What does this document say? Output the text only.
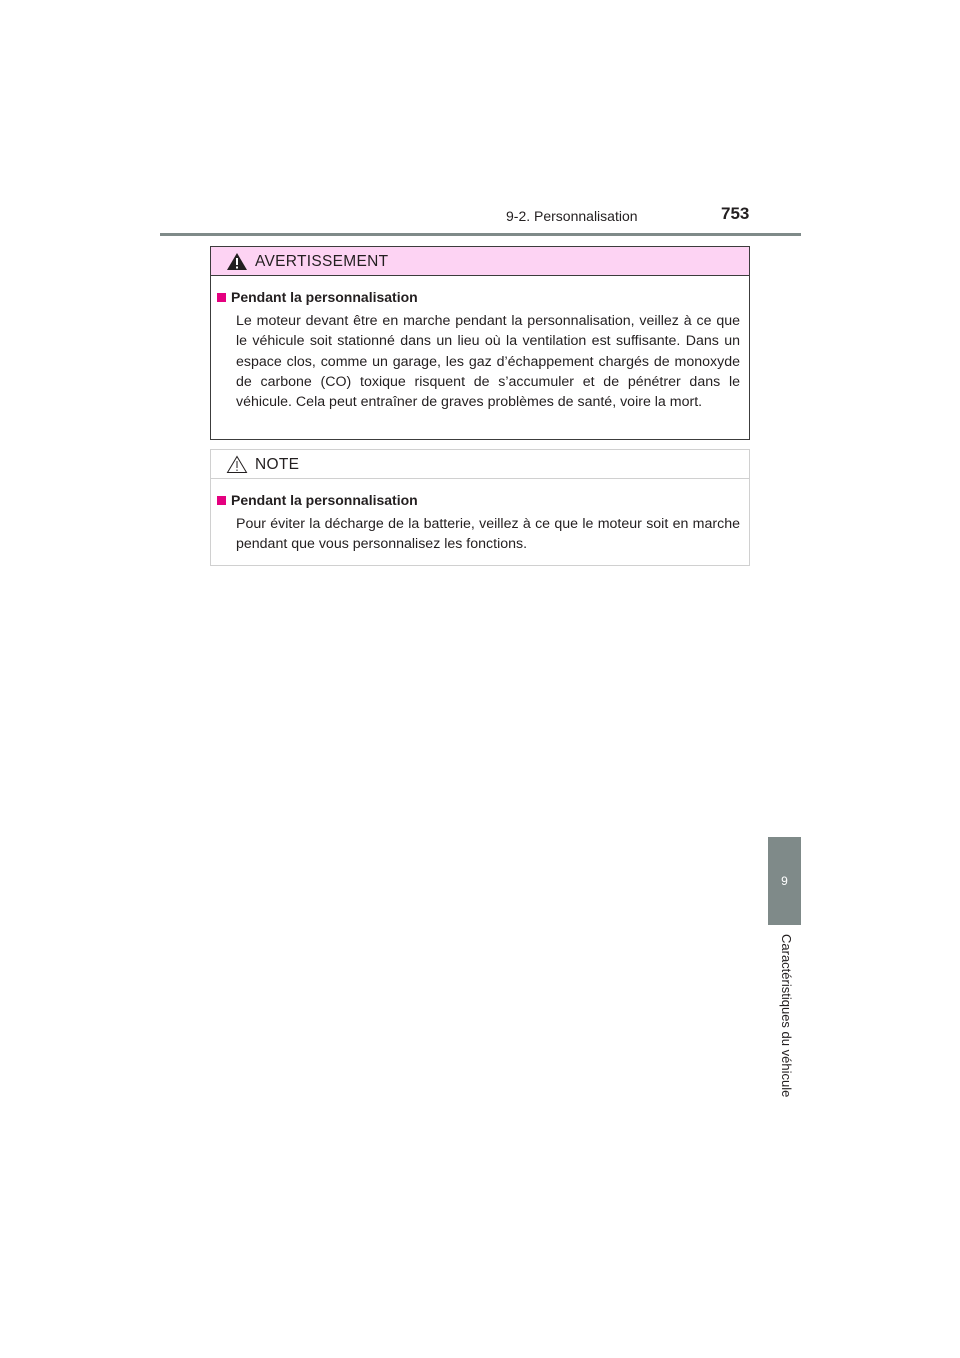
9-2. Personnalisation	753
AVERTISSEMENT
Pendant la personnalisation

Le moteur devant être en marche pendant la personnalisation, veillez à ce que le véhicule soit stationné dans un lieu où la ventilation est suffisante. Dans un espace clos, comme un garage, les gaz d’échappement chargés de monoxyde de carbone (CO) toxique risquent de s’accumuler et de pénétrer dans le véhicule. Cela peut entraîner de graves problèmes de santé, voire la mort.

NOTE
Pendant la personnalisation

Pour éviter la décharge de la batterie, veillez à ce que le moteur soit en marche pendant que vous personnalisez les fonctions.

9
Caractéristiques du véhicule
